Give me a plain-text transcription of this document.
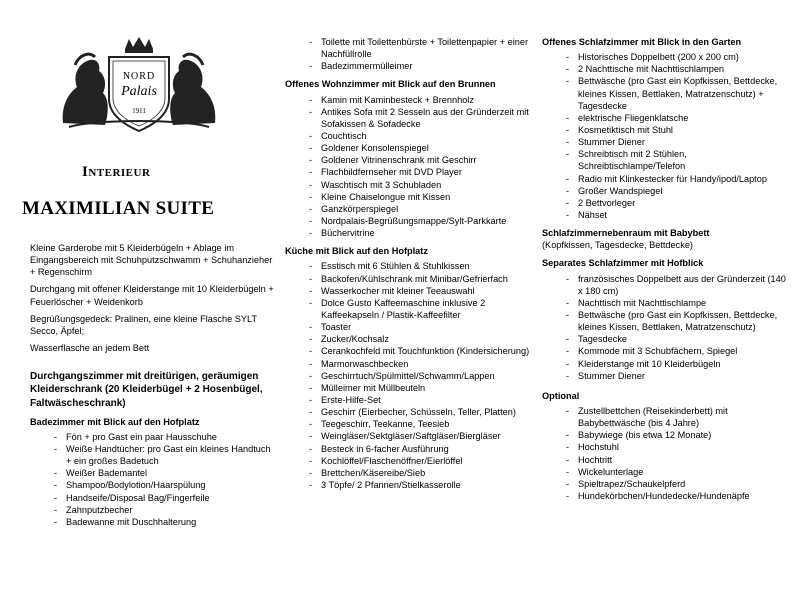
NORD
Palais
1911
Interieur
MAXIMILIAN SUITE

Kleine Garderobe mit 5 Kleiderbügeln + Ablage im Eingangsbereich mit Schuhputzschwamm + Schuhanzieher + Regenschirm

Durchgang mit offener Kleiderstange mit 10 Kleiderbügeln + Feuerlöscher + Weidenkorb

Begrüßungsgedeck: Pralinen, eine kleine Flasche SYLT Secco, Äpfel;

Wasserflasche an jedem Bett

Durchgangszimmer mit dreitürigen, geräumigen Kleiderschrank (20 Kleiderbügel + 2 Hosenbügel, Faltwäscheschrank)
Badezimmer mit Blick auf den Hofplatz
- Fön + pro Gast ein paar Hausschuhe
- Weiße Handtücher: pro Gast ein kleines Handtuch + ein großes Badetuch
- Weißer Bademantel
- Shampoo/Bodylotion/Haarspülung
- Handseife/Disposal Bag/Fingerfeile
- Zahnputzbecher
- Badewanne mit Duschhalterung
- Toilette mit Toilettenbürste + Toilettenpapier + einer Nachfüllrolle
- Badezimmermülleimer
Offenes Wohnzimmer mit Blick auf den Brunnen
- Kamin mit Kaminbesteck + Brennholz
- Antikes Sofa mit 2 Sesseln aus der Gründerzeit mit Sofakissen & Sofadecke
- Couchtisch
- Goldener Konsolenspiegel
- Goldener Vitrinenschrank mit Geschirr
- Flachbildfernseher mit DVD Player
- Waschtisch mit 3 Schubladen
- Kleine Chaiselongue mit Kissen
- Ganzkörperspiegel
- Nordpalais-Begrüßungsmappe/Sylt-Parkkarte
- Büchervitrine
Küche mit Blick auf den Hofplatz
- Esstisch mit 6 Stühlen & Stuhlkissen
- Backofen/Kühlschrank mit Minibar/Gefrierfach
- Wasserkocher mit kleiner Teeauswahl
- Dolce Gusto Kaffeemaschine inklusive 2 Kaffeekapseln / Plastik-Kaffeefilter
- Toaster
- Zucker/Kochsalz
- Cerankochfeld mit Touchfunktion (Kindersicherung)
- Marmorwaschbecken
- Geschirrtuch/Spülmittel/Schwamm/Lappen
- Mülleimer mit Müllbeuteln
- Erste-Hilfe-Set
- Geschirr (Eierbecher, Schüsseln, Teller, Platten)
- Teegeschirr, Teekanne, Teesieb
- Weingläser/Sektgläser/Saftgläser/Biergläser
- Besteck in 6-facher Ausführung
- Kochlöffel/Flaschenöffner/Eierlöffel
- Brettchen/Käsereibe/Sieb
- 3 Töpfe/ 2 Pfannen/Stielkasserolle
Offenes Schlafzimmer mit Blick in den Garten
- Historisches Doppelbett (200 x 200 cm)
- 2 Nachttische mit Nachttischlampen
- Bettwäsche (pro Gast ein Kopfkissen, Bettdecke, kleines Kissen, Bettlaken, Matratzenschutz) + Tagesdecke
- elektrische Fliegenklatsche
- Kosmetiktisch mit Stuhl
- Stummer Diener
- Schreibtisch mit 2 Stühlen, Schreibtischlampe/Telefon
- Radio mit Klinkestecker für Handy/ipod/Laptop
- Großer Wandspiegel
- 2 Bettvorleger
- Nähset
Schlafzimmernebenraum mit Babybett
(Kopfkissen, Tagesdecke, Bettdecke)
Separates Schlafzimmer mit Hofblick
- französisches Doppelbett aus der Gründerzeit (140 x 180 cm)
- Nachttisch mit Nachttischlampe
- Bettwäsche (pro Gast ein Kopfkissen, Bettdecke, kleines Kissen, Bettlaken, Matratzenschutz)
- Tagesdecke
- Kommode mit 3 Schubfächern, Spiegel
- Kleiderstange mit 10 Kleiderbügeln
- Stummer Diener
Optional
- Zustellbettchen (Reisekinderbett) mit Babybettwäsche (bis 4 Jahre)
- Babywiege (bis etwa 12 Monate)
- Hochstuhl
- Hochtritt
- Wickelunterlage
- Spieltrapez/Schaukelpferd
- Hundekörbchen/Hundedecke/Hundenäpfe
